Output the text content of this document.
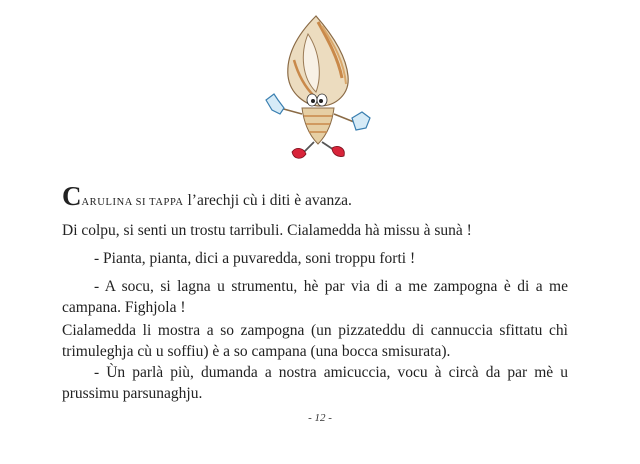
CARULINA SI TAPPA l’arechji cù i diti è avanza.
Di colpu, si senti un trostu tarribuli. Cialamedda hà missu à sunà !
- Pianta, pianta, dici a puvaredda, soni troppu forti !
- A socu, si lagna u strumentu, hè par via di a me zampogna è di a me campana. Fighjola !
Cialamedda li mostra a so zampogna (un pizzateddu di cannuccia sfittatu chì trimuleghja cù u soffiu) è a so campana (una bocca smisurata).
- Ùn parlà più, dumanda a nostra amicuccia, vocu à circà da par mè u prussimu parsunaghju.
- 12 -
